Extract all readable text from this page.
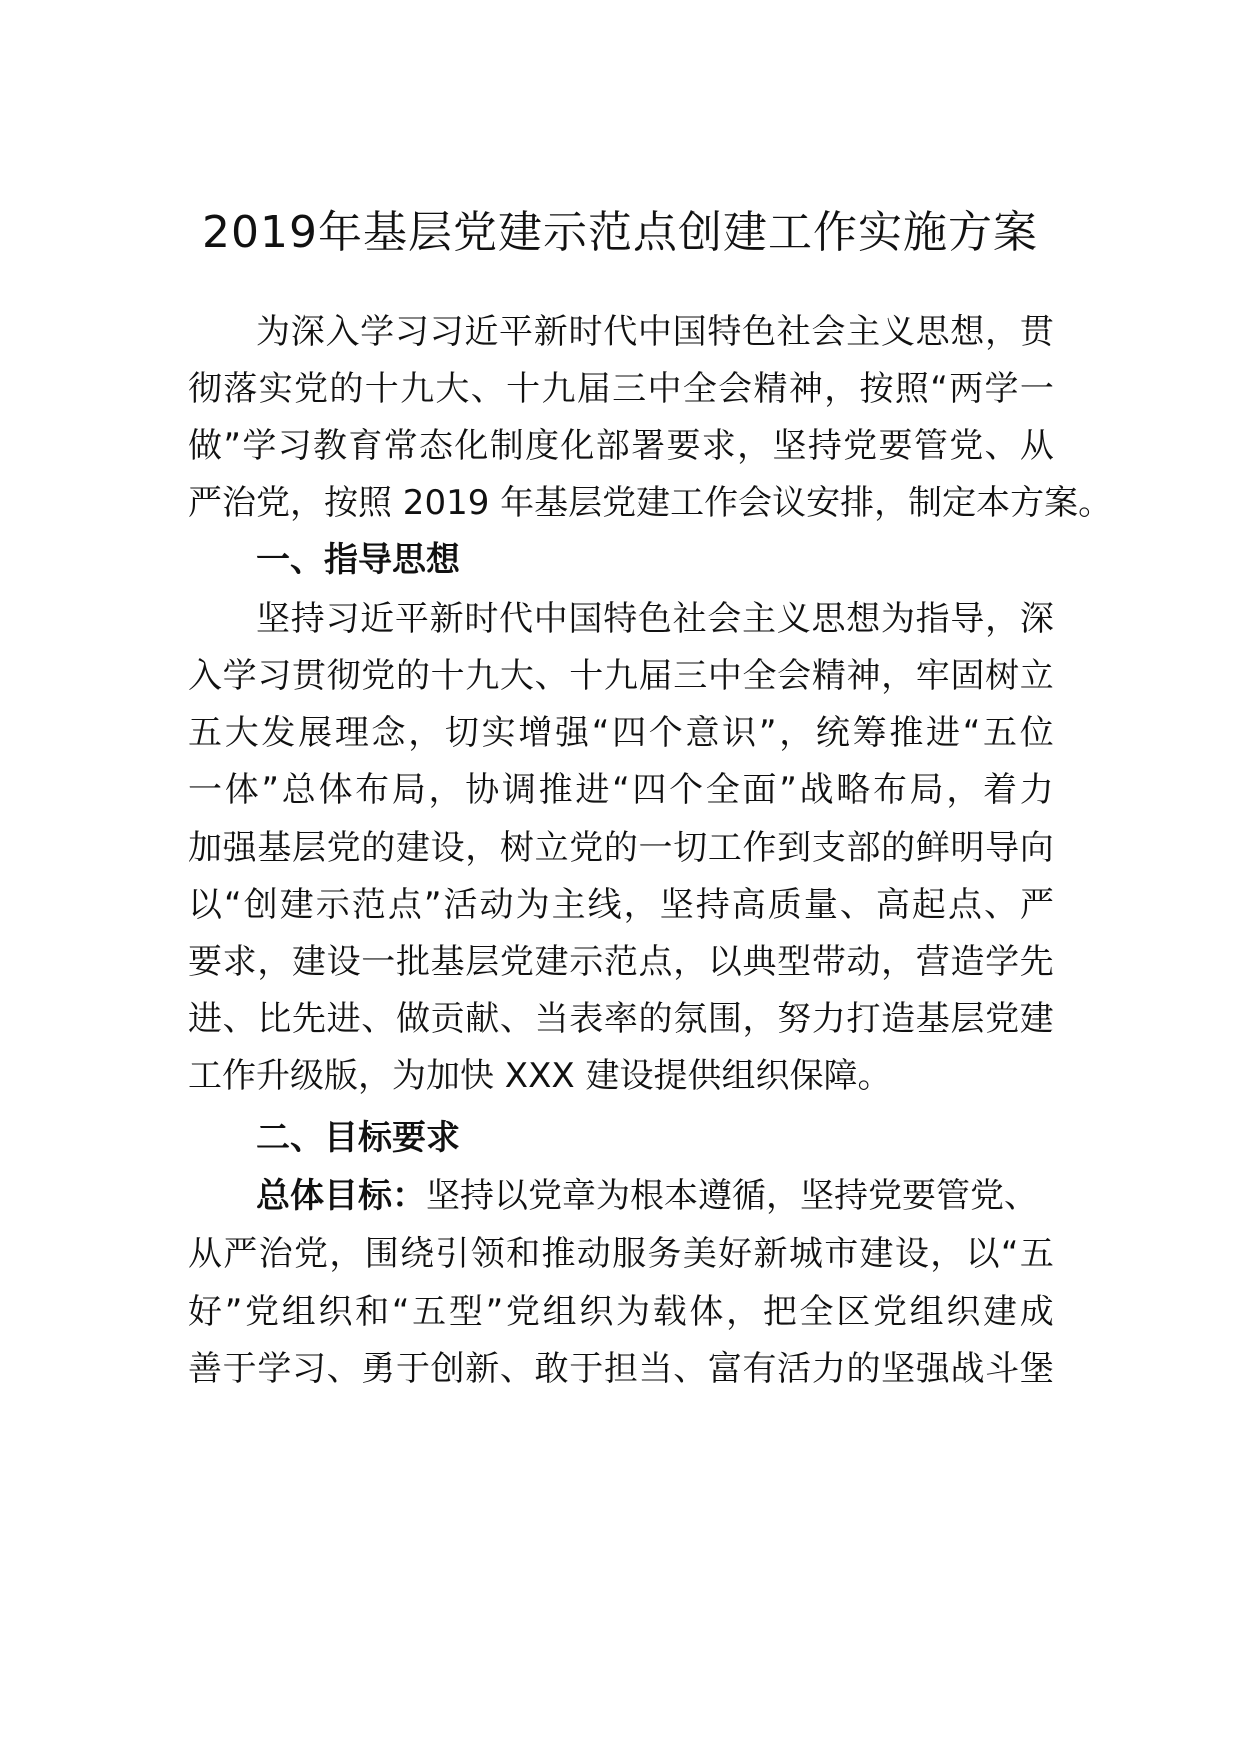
2019年基层党建示范点创建工作实施方案

为 深 入 学 习 习 近 平 新 时 代 中 国 特 色 社 会 主 义 思 想 ， 贯

彻 落 实 党 的 十 九 大 、 十 九 届 三 中 全 会 精 神 ， 按 照 “ 两 学 一

做 ” 学 习 教 育 常 态 化 制 度 化 部 署 要 求 ， 坚 持 党 要 管 党 、 从

严治党，按照 2019 年基层党建工作会议安排，制定本方案。

一、指导思想

坚 持 习 近 平 新 时 代 中 国 特 色 社 会 主 义 思 想 为 指 导 ， 深

入 学 习 贯 彻 党 的 十 九 大 、 十 九 届 三 中 全 会 精 神 ， 牢 固 树 立

五 大 发 展 理 念 ， 切 实 增 强 “ 四 个 意 识 ” ， 统 筹 推 进 “ 五 位

一 体 ” 总 体 布 局 ， 协 调 推 进 “ 四 个 全 面 ” 战 略 布 局 ， 着 力

加 强 基 层 党 的 建 设 ， 树 立 党 的 一 切 工 作 到 支 部 的 鲜 明 导 向

以 “ 创 建 示 范 点 ” 活 动 为 主 线 ， 坚 持 高 质 量 、 高 起 点 、 严

要 求 ， 建 设 一 批 基 层 党 建 示 范 点 ， 以 典 型 带 动 ， 营 造 学 先

进 、 比 先 进 、 做 贡 献 、 当 表 率 的 氛 围 ， 努 力 打 造 基 层 党 建

工作升级版，为加快 XXX 建设提供组织保障。

二、目标要求

总体目标：坚持以党章为根本遵循，坚持党要管党、

从 严 治 党 ， 围 绕 引 领 和 推 动 服 务 美 好 新 城 市 建 设 ， 以 “ 五

好 ” 党 组 织 和 “ 五 型 ” 党 组 织 为 载 体 ， 把 全 区 党 组 织 建 成

善 于 学 习 、 勇 于 创 新 、 敢 于 担 当 、 富 有 活 力 的 坚 强 战 斗 堡
